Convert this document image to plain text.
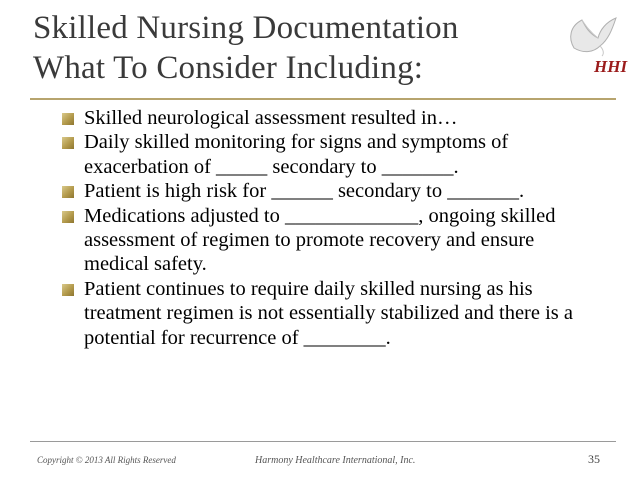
Skilled Nursing Documentation
What To Consider Including:	HHI
Skilled neurological assessment resulted in…
Daily skilled monitoring for signs and symptoms of exacerbation of _____ secondary to _______.
Patient is high risk for ______ secondary to _______.
Medications adjusted to _____________, ongoing skilled assessment of regimen to promote recovery and ensure medical safety.
Patient continues to require daily skilled nursing as his treatment regimen is not essentially stabilized and there is a potential for recurrence of ________.
Copyright © 2013 All Rights Reserved	Harmony Healthcare International, Inc.	35
